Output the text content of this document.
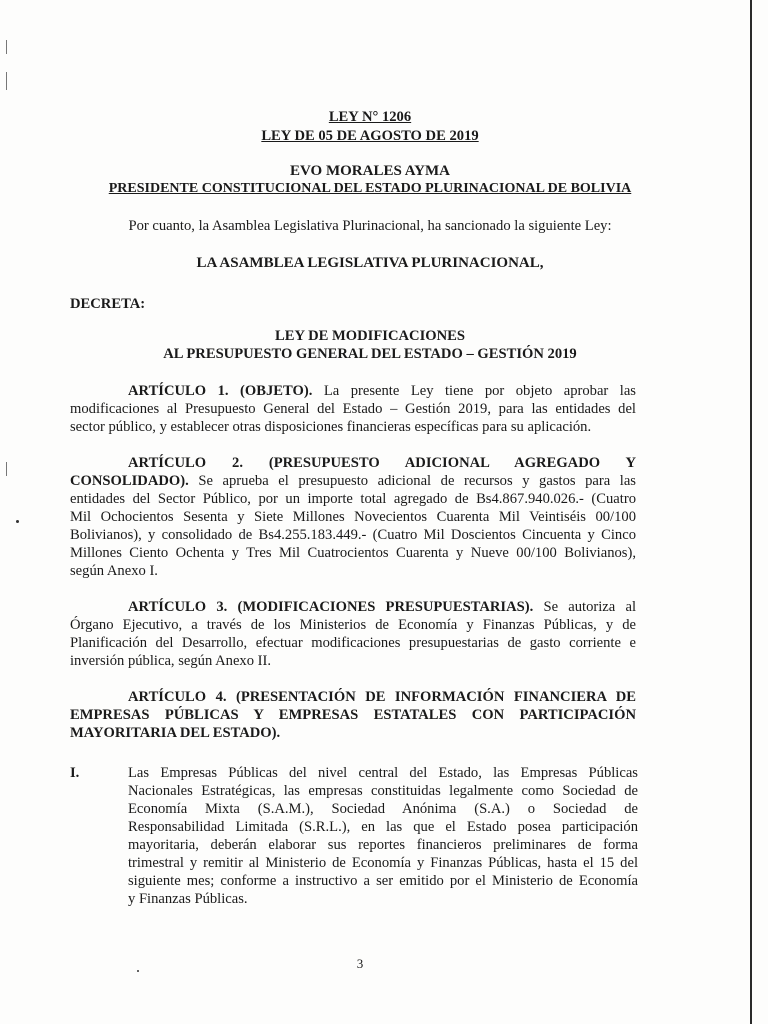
LEY N° 1206
LEY DE 05 DE AGOSTO DE 2019
EVO MORALES AYMA
PRESIDENTE CONSTITUCIONAL DEL ESTADO PLURINACIONAL DE BOLIVIA
Por cuanto, la Asamblea Legislativa Plurinacional, ha sancionado la siguiente Ley:
LA ASAMBLEA LEGISLATIVA PLURINACIONAL,
DECRETA:
LEY DE MODIFICACIONES
AL PRESUPUESTO GENERAL DEL ESTADO – GESTIÓN 2019
ARTÍCULO 1. (OBJETO). La presente Ley tiene por objeto aprobar las
modificaciones al Presupuesto General del Estado – Gestión 2019, para las entidades del
sector público, y establecer otras disposiciones financieras específicas para su aplicación.
ARTÍCULO 2. (PRESUPUESTO ADICIONAL AGREGADO Y
CONSOLIDADO). Se aprueba el presupuesto adicional de recursos y gastos para las
entidades del Sector Público, por un importe total agregado de Bs4.867.940.026.- (Cuatro
Mil Ochocientos Sesenta y Siete Millones Novecientos Cuarenta Mil Veintiséis 00/100
Bolivianos), y consolidado de Bs4.255.183.449.- (Cuatro Mil Doscientos Cincuenta y Cinco
Millones Ciento Ochenta y Tres Mil Cuatrocientos Cuarenta y Nueve 00/100 Bolivianos),
según Anexo I.
ARTÍCULO 3. (MODIFICACIONES PRESUPUESTARIAS). Se autoriza al
Órgano Ejecutivo, a través de los Ministerios de Economía y Finanzas Públicas, y de
Planificación del Desarrollo, efectuar modificaciones presupuestarias de gasto corriente e
inversión pública, según Anexo II.
ARTÍCULO 4. (PRESENTACIÓN DE INFORMACIÓN FINANCIERA DE
EMPRESAS PÚBLICAS Y EMPRESAS ESTATALES CON PARTICIPACIÓN
MAYORITARIA DEL ESTADO).
I.	Las Empresas Públicas del nivel central del Estado, las Empresas Públicas
Nacionales Estratégicas, las empresas constituidas legalmente como Sociedad de
Economía Mixta (S.A.M.), Sociedad Anónima (S.A.) o Sociedad de
Responsabilidad Limitada (S.R.L.), en las que el Estado posea participación
mayoritaria, deberán elaborar sus reportes financieros preliminares de forma
trimestral y remitir al Ministerio de Economía y Finanzas Públicas, hasta el 15 del
siguiente mes; conforme a instructivo a ser emitido por el Ministerio de Economía
y Finanzas Públicas.
3
